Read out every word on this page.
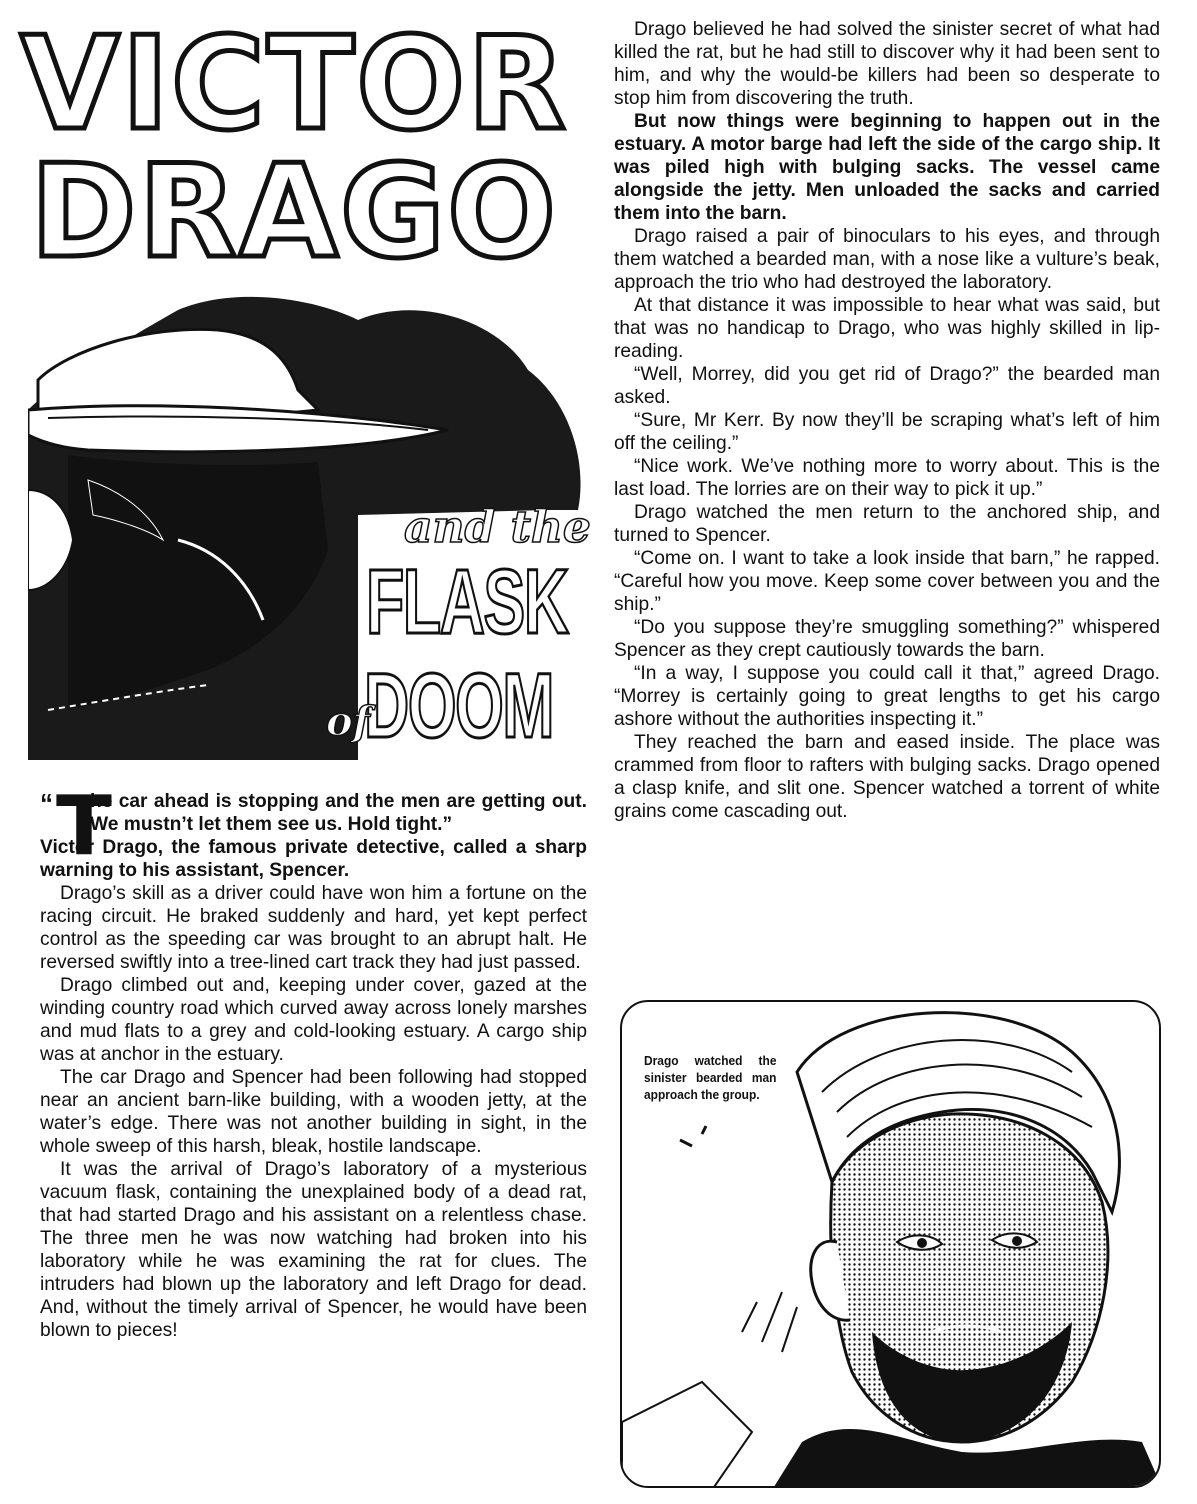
VICTOR
DRAGO
and the
FLASK
DOOM
of

“ T
he car ahead is stopping and the men are getting out. We mustn’t let them see us. Hold tight.”

Victor Drago, the famous private detective, called a sharp warning to his assistant, Spencer.

Drago’s skill as a driver could have won him a fortune on the racing circuit. He braked suddenly and hard, yet kept perfect control as the speeding car was brought to an abrupt halt. He reversed swiftly into a tree-lined cart track they had just passed.

Drago climbed out and, keeping under cover, gazed at the winding country road which curved away across lonely marshes and mud flats to a grey and cold-looking estuary. A cargo ship was at anchor in the estuary.

The car Drago and Spencer had been following had stopped near an ancient barn-like building, with a wooden jetty, at the water’s edge. There was not another building in sight, in the whole sweep of this harsh, bleak, hostile landscape.

It was the arrival of Drago’s laboratory of a mysterious vacuum flask, containing the unexplained body of a dead rat, that had started Drago and his assistant on a relentless chase. The three men he was now watching had broken into his laboratory while he was examining the rat for clues. The intruders had blown up the laboratory and left Drago for dead. And, without the timely arrival of Spencer, he would have been blown to pieces!

Drago believed he had solved the sinister secret of what had killed the rat, but he had still to discover why it had been sent to him, and why the would-be killers had been so desperate to stop him from discovering the truth.

But now things were beginning to happen out in the estuary. A motor barge had left the side of the cargo ship. It was piled high with bulging sacks. The vessel came alongside the jetty. Men unloaded the sacks and carried them into the barn.

Drago raised a pair of binoculars to his eyes, and through them watched a bearded man, with a nose like a vulture’s beak, approach the trio who had destroyed the laboratory.

At that distance it was impossible to hear what was said, but that was no handicap to Drago, who was highly skilled in lip-reading.

“Well, Morrey, did you get rid of Drago?” the bearded man asked.

“Sure, Mr Kerr. By now they’ll be scraping what’s left of him off the ceiling.”

“Nice work. We’ve nothing more to worry about. This is the last load. The lorries are on their way to pick it up.”

Drago watched the men return to the anchored ship, and turned to Spencer.

“Come on. I want to take a look inside that barn,” he rapped. “Careful how you move. Keep some cover between you and the ship.”

“Do you suppose they’re smuggling something?” whispered Spencer as they crept cautiously towards the barn.

“In a way, I suppose you could call it that,” agreed Drago. “Morrey is certainly going to great lengths to get his cargo ashore without the authorities inspecting it.”

They reached the barn and eased inside. The place was crammed from floor to rafters with bulging sacks. Drago opened a clasp knife, and slit one. Spencer watched a torrent of white grains come cascading out.

Drago watched the sinister bearded man approach the group.
